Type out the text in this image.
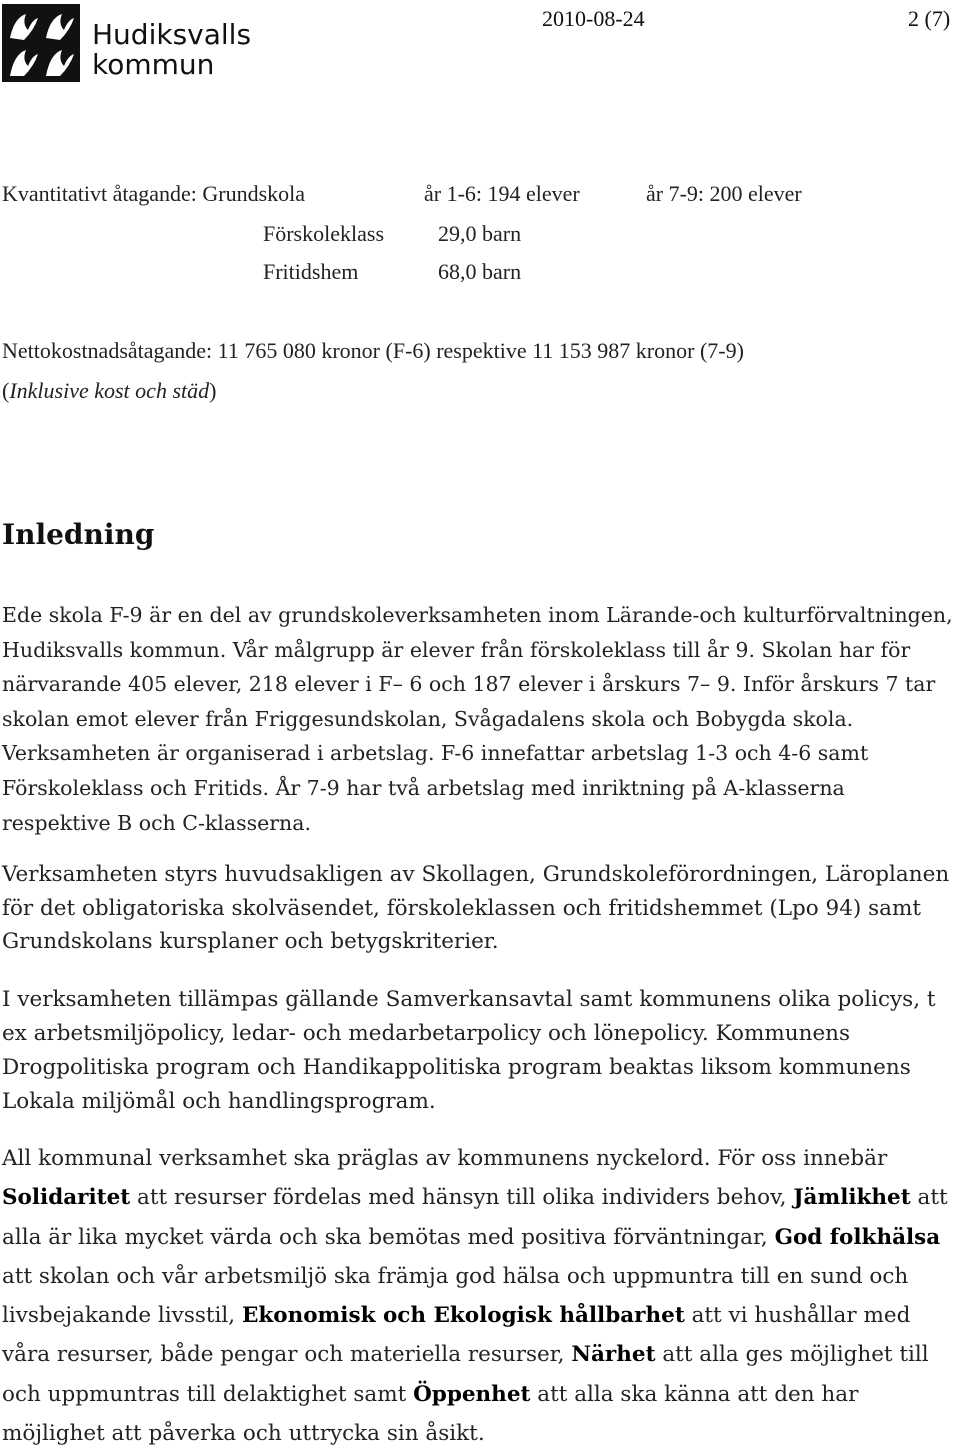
Hudiksvalls
kommun
2010-08-24	2 (7)
Kvantitativt åtagande: Grundskola	år 1-6: 194 elever	år 7-9: 200 elever
Förskoleklass 29,0 barn
Fritidshem	68,0 barn
Nettokostnadsåtagande: 11 765 080 kronor (F-6) respektive 11 153 987 kronor (7-9)
(Inklusive kost och städ)
Inledning

Ede skola F-9 är en del av grundskoleverksamheten inom Lärande-och kulturförvaltningen, Hudiksvalls kommun. Vår målgrupp är elever från förskoleklass till år 9. Skolan har för närvarande 405 elever, 218 elever i F– 6 och 187 elever i årskurs 7– 9. Inför årskurs 7 tar skolan emot elever från Friggesundskolan, Svågadalens skola och Bobygda skola. Verksamheten är organiserad i arbetslag. F-6 innefattar arbetslag 1-3 och 4-6 samt Förskoleklass och Fritids. År 7-9 har två arbetslag med inriktning på A-klasserna respektive B och C-klasserna.

Verksamheten styrs huvudsakligen av Skollagen, Grundskoleförordningen, Läroplanen för det obligatoriska skolväsendet, förskoleklassen och fritidshemmet (Lpo 94) samt Grundskolans kursplaner och betygskriterier.

I verksamheten tillämpas gällande Samverkansavtal samt kommunens olika policys, t ex arbetsmiljöpolicy, ledar- och medarbetarpolicy och lönepolicy. Kommunens Drogpolitiska program och Handikappolitiska program beaktas liksom kommunens Lokala miljömål och handlingsprogram.

All kommunal verksamhet ska präglas av kommunens nyckelord. För oss innebär Solidaritet att resurser fördelas med hänsyn till olika individers behov, Jämlikhet att alla är lika mycket värda och ska bemötas med positiva förväntningar, God folkhälsa att skolan och vår arbetsmiljö ska främja god hälsa och uppmuntra till en sund och livsbejakande livsstil, Ekonomisk och Ekologisk hållbarhet att vi hushållar med våra resurser, både pengar och materiella resurser, Närhet att alla ges möjlighet till och uppmuntras till delaktighet samt Öppenhet att alla ska känna att den har möjlighet att påverka och uttrycka sin åsikt.
